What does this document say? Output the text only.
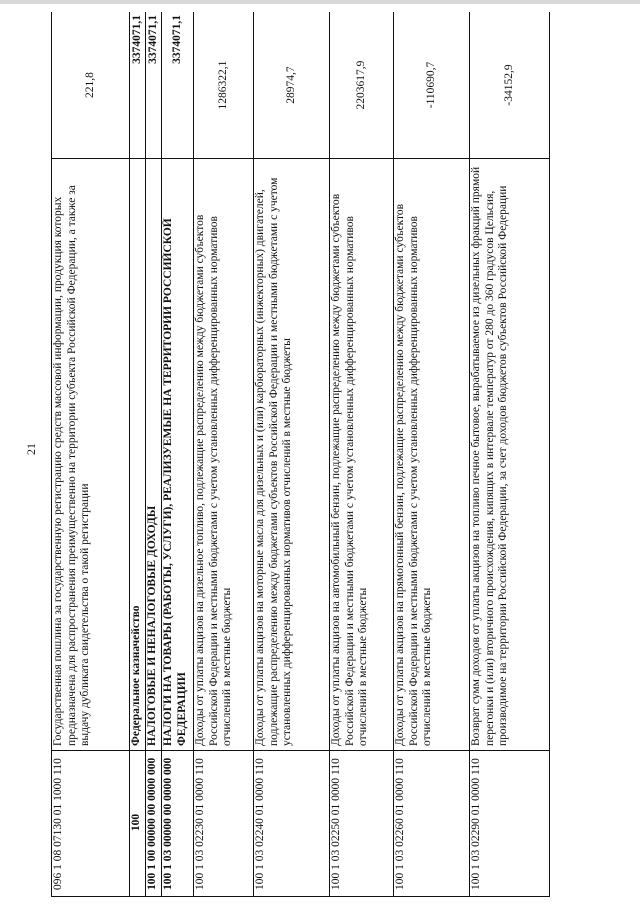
21
096 1 08 07130 01 1000 110	Государственная пошлина за государственную регистрацию средств массовой информации, продукция которых предназначена для распространения преимущественно на территории субъекта Российской Федерации, а также за выдачу дубликата свидетельства о такой регистрации	221,8
100	Федеральное казначейство	3374071,1
100 1 00 00000 00 0000 000	НАЛОГОВЫЕ И НЕНАЛОГОВЫЕ ДОХОДЫ	3374071,1
100 1 03 00000 00 0000 000	НАЛОГИ НА ТОВАРЫ (РАБОТЫ, УСЛУГИ), РЕАЛИЗУЕМЫЕ НА ТЕРРИТОРИИ РОССИЙСКОЙ ФЕДЕРАЦИИ	3374071,1
100 1 03 02230 01 0000 110	Доходы от уплаты акцизов на дизельное топливо, подлежащие распределению между бюджетами субъектов Российской Федерации и местными бюджетами с учетом установленных дифференцированных нормативов отчислений в местные бюджеты	1286322,1
100 1 03 02240 01 0000 110	Доходы от уплаты акцизов на моторные масла для дизельных и (или) карбюраторных (инжекторных) двигателей, подлежащие распределению между бюджетами субъектов Российской Федерации и местными бюджетами с учетом установленных дифференцированных нормативов отчислений в местные бюджеты	28974,7
100 1 03 02250 01 0000 110	Доходы от уплаты акцизов на автомобильный бензин, подлежащие распределению между бюджетами субъектов Российской Федерации и местными бюджетами с учетом установленных дифференцированных нормативов отчислений в местные бюджеты	2203617,9
100 1 03 02260 01 0000 110	Доходы от уплаты акцизов на прямогонный бензин, подлежащие распределению между бюджетами субъектов Российской Федерации и местными бюджетами с учетом установленных дифференцированных нормативов отчислений в местные бюджеты	-110690,7
100 1 03 02290 01 0000 110	Возврат сумм доходов от уплаты акцизов на топливо печное бытовое, вырабатываемое из дизельных фракций прямой перегонки и (или) вторичного происхождения, кипящих в интервале температур от 280 до 360 градусов Цельсия, производимое на территории Российской Федерации, за счет доходов бюджетов субъектов Российской Федерации	-34152,9
